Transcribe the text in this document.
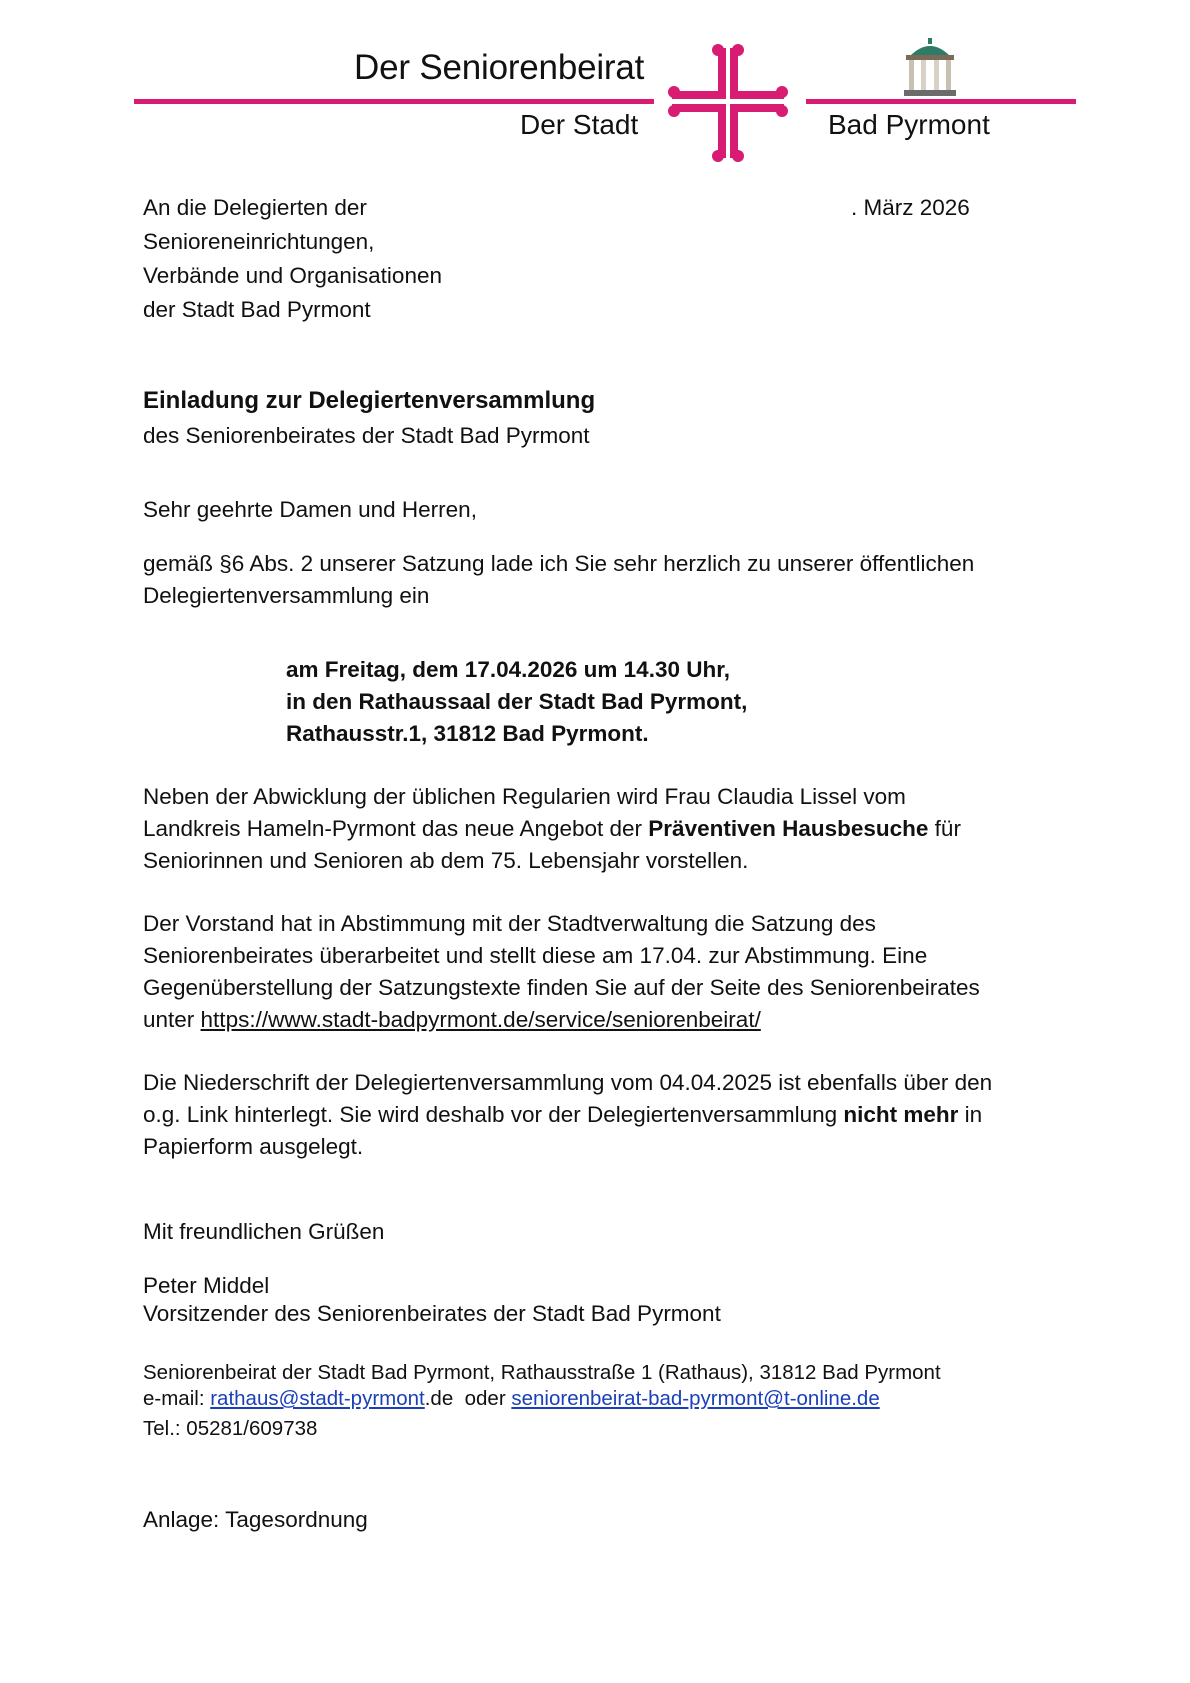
Der Seniorenbeirat
Der Stadt	Bad Pyrmont
An die Delegierten der
Senioreneinrichtungen,
Verbände und Organisationen
der Stadt Bad Pyrmont
. März 2026
Einladung zur Delegiertenversammlung
des Seniorenbeirates der Stadt Bad Pyrmont
Sehr geehrte Damen und Herren,
gemäß §6 Abs. 2 unserer Satzung lade ich Sie sehr herzlich zu unserer öffentlichen
Delegiertenversammlung ein
am Freitag, dem 17.04.2026 um 14.30 Uhr,
in den Rathaussaal der Stadt Bad Pyrmont,
Rathausstr.1, 31812 Bad Pyrmont.
Neben der Abwicklung der üblichen Regularien wird Frau Claudia Lissel vom
Landkreis Hameln-Pyrmont das neue Angebot der Präventiven Hausbesuche für
Seniorinnen und Senioren ab dem 75. Lebensjahr vorstellen.
Der Vorstand hat in Abstimmung mit der Stadtverwaltung die Satzung des
Seniorenbeirates überarbeitet und stellt diese am 17.04. zur Abstimmung. Eine
Gegenüberstellung der Satzungstexte finden Sie auf der Seite des Seniorenbeirates
unter https://www.stadt-badpyrmont.de/service/seniorenbeirat/
Die Niederschrift der Delegiertenversammlung vom 04.04.2025 ist ebenfalls über den
o.g. Link hinterlegt. Sie wird deshalb vor der Delegiertenversammlung nicht mehr in
Papierform ausgelegt.
Mit freundlichen Grüßen
Peter Middel
Vorsitzender des Seniorenbeirates der Stadt Bad Pyrmont
Seniorenbeirat der Stadt Bad Pyrmont, Rathausstraße 1 (Rathaus), 31812 Bad Pyrmont
e-mail: rathaus@stadt-pyrmont.de  oder seniorenbeirat-bad-pyrmont@t-online.de
Tel.: 05281/609738
Anlage: Tagesordnung
